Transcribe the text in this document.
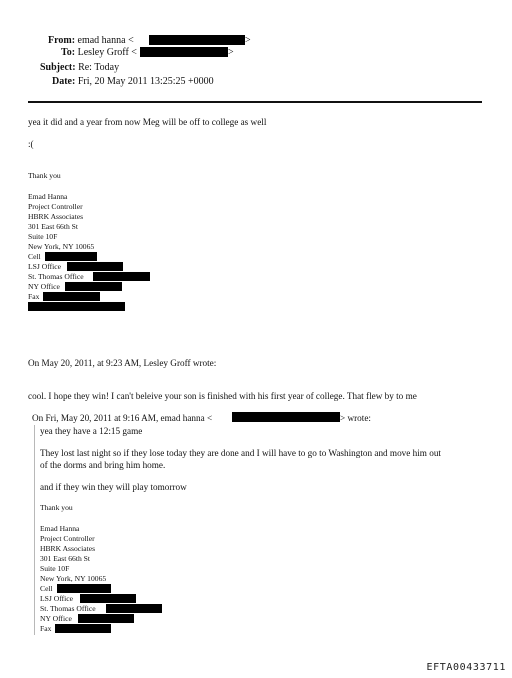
From: emad hanna <	>
To: Lesley Groff <	>
Subject: Re: Today
Date: Fri, 20 May 2011 13:25:25 +0000
yea it did and a year from now Meg will be off to college as well
:(
Thank you
Emad Hanna
Project Controller
HBRK Associates
301 East 66th St
Suite 10F
New York, NY 10065
Cell
LSJ Office
St. Thomas Office
NY Office
Fax
On May 20, 2011, at 9:23 AM, Lesley Groff wrote:
cool. I hope they win! I can't beleive your son is finished with his first year of college. That flew by to me
On Fri, May 20, 2011 at 9:16 AM, emad hanna <	> wrote:
yea they have a 12:15 game
They lost last night so if they lose today they are done and I will have to go to Washington and move him out
of the dorms and bring him home.
and if they win they will play tomorrow
Thank you
Emad Hanna
Project Controller
HBRK Associates
301 East 66th St
Suite 10F
New York, NY 10065
Cell
LSJ Office
St. Thomas Office
NY Office
Fax
EFTA00433711
